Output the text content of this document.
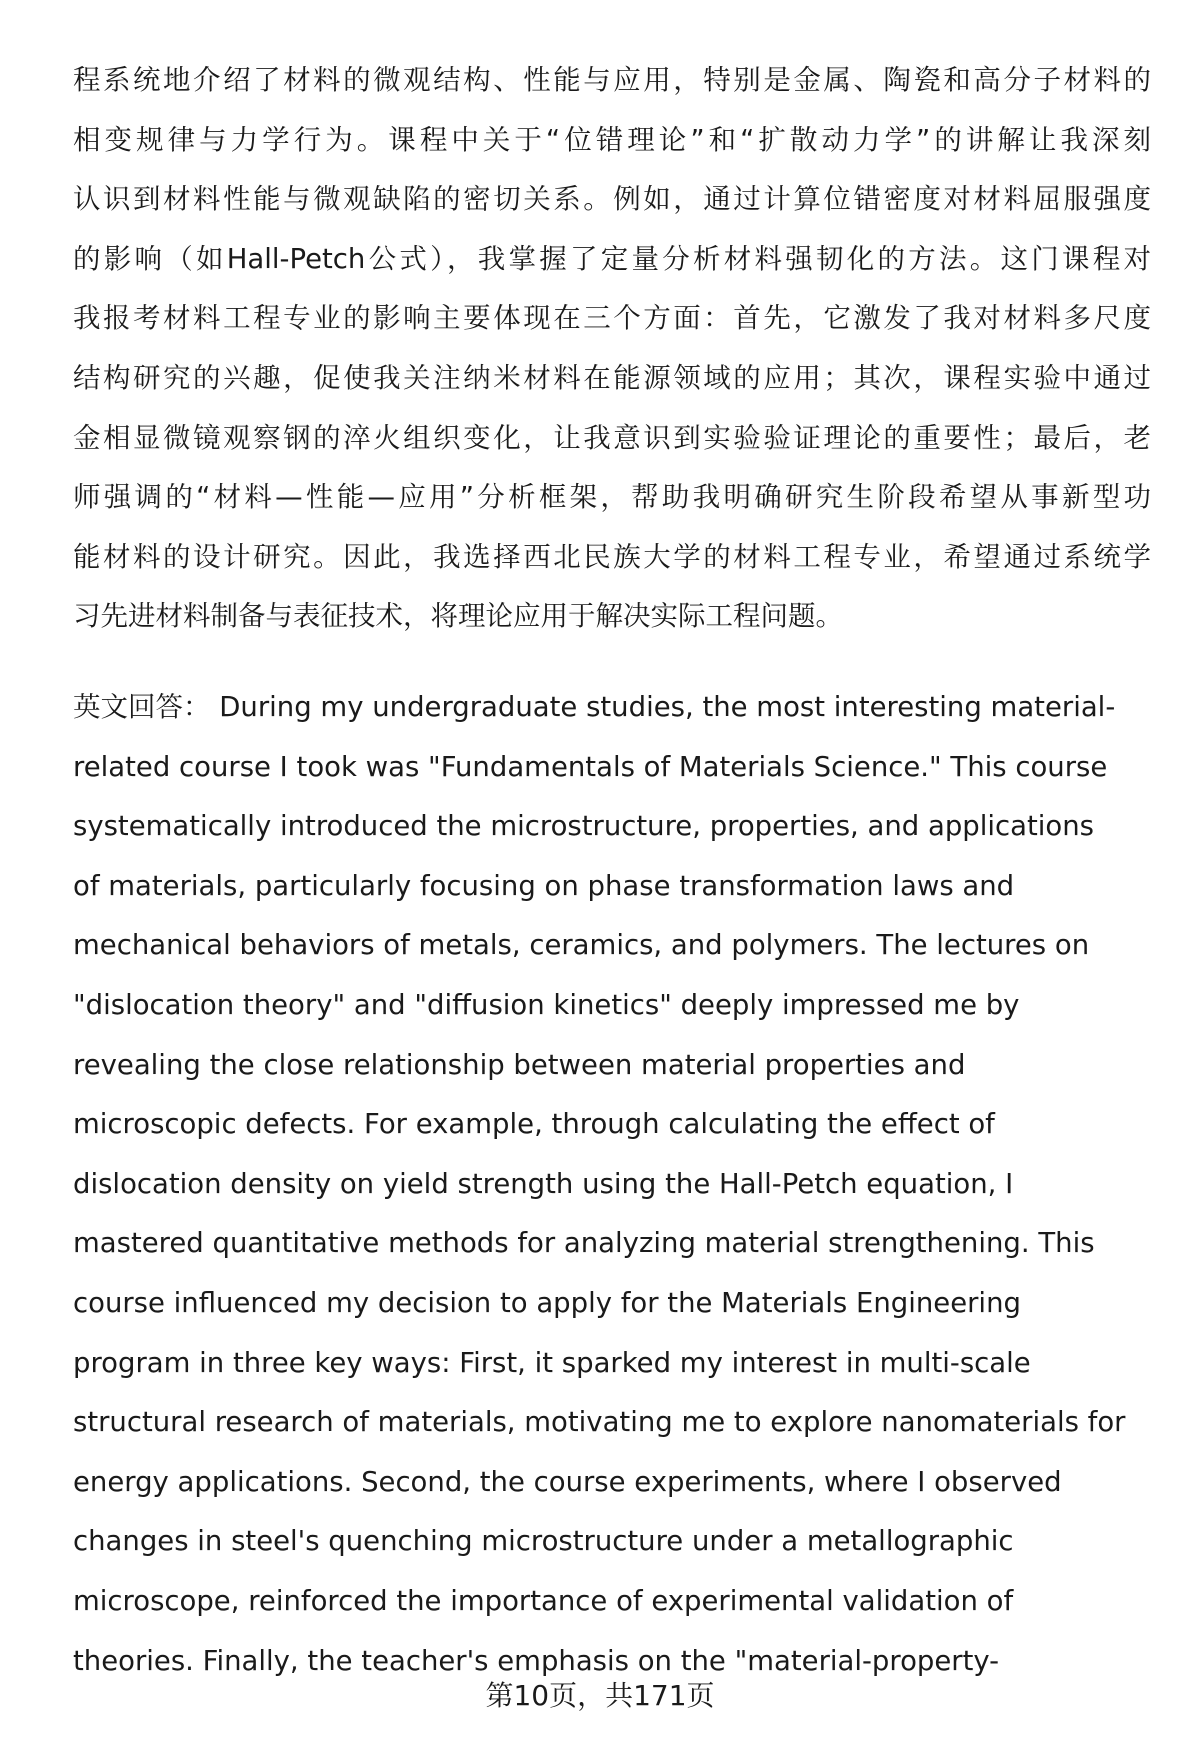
程系统地介绍了材料的微观结构、性能与应用，特别是金属、陶瓷和高分子材料的
相变规律与力学行为。课程中关于“位错理论”和“扩散动力学”的讲解让我深刻
认识到材料性能与微观缺陷的密切关系。例如，通过计算位错密度对材料屈服强度
的影响（如Hall-Petch公式），我掌握了定量分析材料强韧化的方法。这门课程对
我报考材料工程专业的影响主要体现在三个方面：首先，它激发了我对材料多尺度
结构研究的兴趣，促使我关注纳米材料在能源领域的应用；其次，课程实验中通过
金相显微镜观察钢的淬火组织变化，让我意识到实验验证理论的重要性；最后，老
师强调的“材料—性能—应用”分析框架，帮助我明确研究生阶段希望从事新型功
能材料的设计研究。因此，我选择西北民族大学的材料工程专业，希望通过系统学
习先进材料制备与表征技术，将理论应用于解决实际工程问题。
英文回答： During my undergraduate studies, the most interesting material-
related course I took was "Fundamentals of Materials Science." This course
systematically introduced the microstructure, properties, and applications
of materials, particularly focusing on phase transformation laws and
mechanical behaviors of metals, ceramics, and polymers. The lectures on
"dislocation theory" and "diffusion kinetics" deeply impressed me by
revealing the close relationship between material properties and
microscopic defects. For example, through calculating the effect of
dislocation density on yield strength using the Hall-Petch equation, I
mastered quantitative methods for analyzing material strengthening. This
course influenced my decision to apply for the Materials Engineering
program in three key ways: First, it sparked my interest in multi-scale
structural research of materials, motivating me to explore nanomaterials for
energy applications. Second, the course experiments, where I observed
changes in steel's quenching microstructure under a metallographic
microscope, reinforced the importance of experimental validation of
theories. Finally, the teacher's emphasis on the "material-property-
第10页，共171页
